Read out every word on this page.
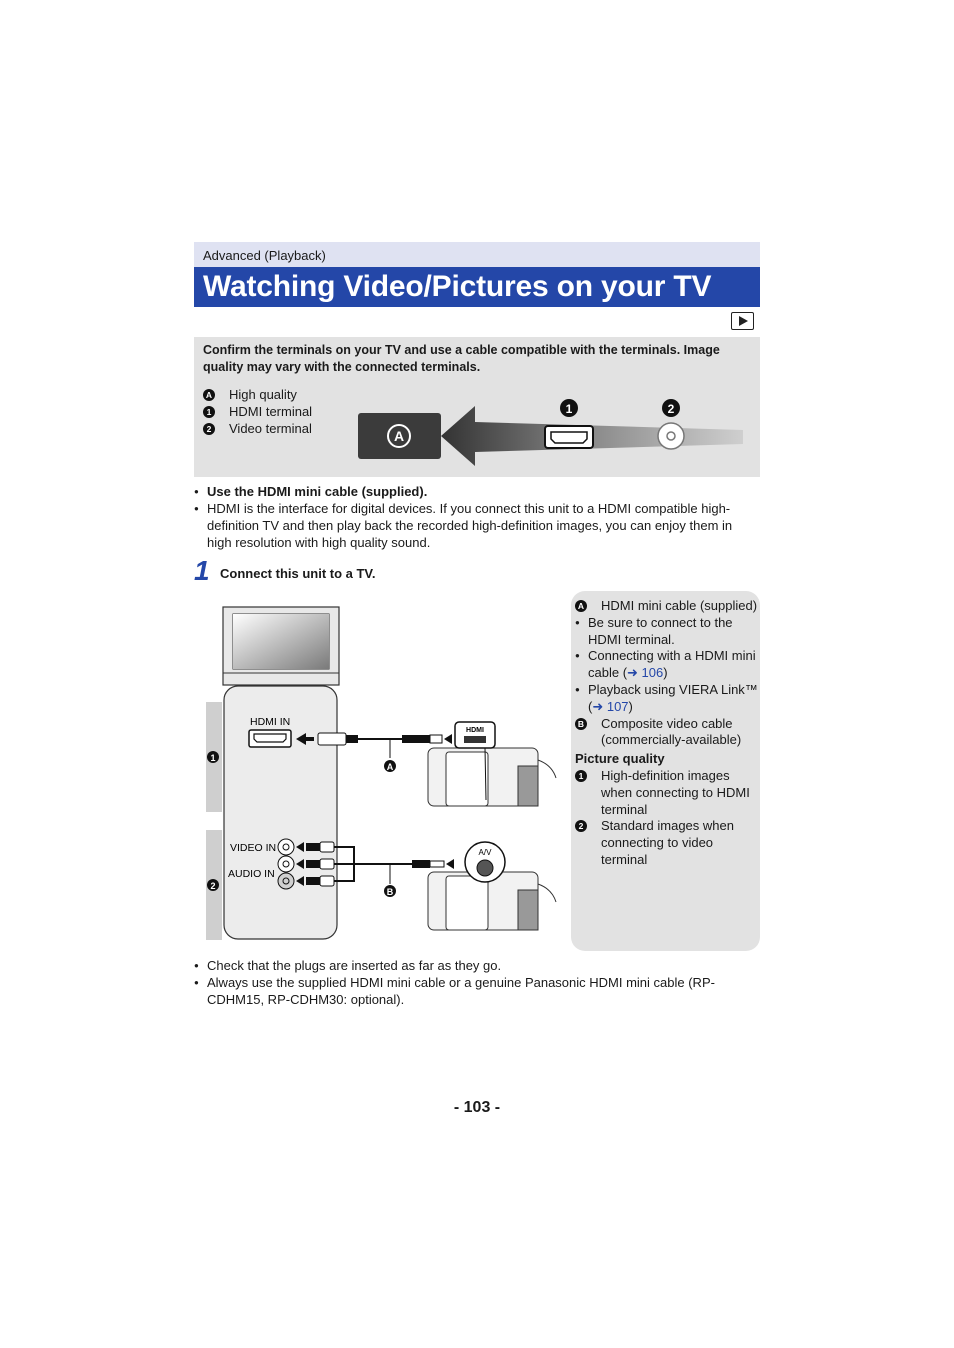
Advanced (Playback)
Watching Video/Pictures on your TV
Confirm the terminals on your TV and use a cable compatible with the terminals. Image quality may vary with the connected terminals.
A High quality
1 HDMI terminal
2 Video terminal	A
1	2
● Use the HDMI mini cable (supplied).
● HDMI is the interface for digital devices. If you connect this unit to a HDMI compatible high-definition TV and then play back the recorded high-definition images, you can enjoy them in high resolution with high quality sound.
1 Connect this unit to a TV.
1
2
HDMI IN
A
HDMI
VIDEO IN
AUDIO IN
B
A/V
A HDMI mini cable (supplied)
● Be sure to connect to the HDMI terminal.
● Connecting with a HDMI mini cable (➜ 106)
● Playback using VIERA Link™ (➜ 107)
B Composite video cable (commercially-available)
Picture quality
1 High-definition images when connecting to HDMI terminal
2 Standard images when connecting to video terminal
● Check that the plugs are inserted as far as they go.
● Always use the supplied HDMI mini cable or a genuine Panasonic HDMI mini cable (RP-CDHM15, RP-CDHM30: optional).
- 103 -
